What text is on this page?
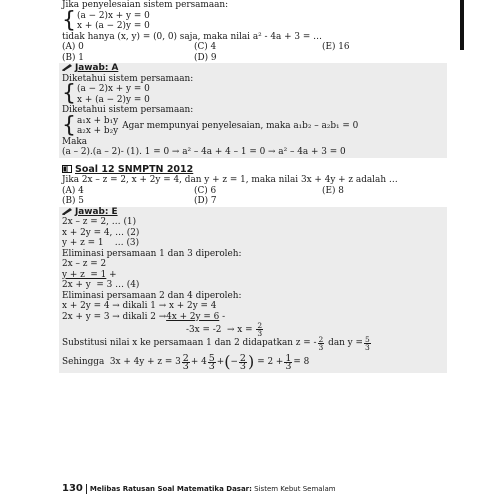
Jika penyelesaian sistem persamaan:
{ (a − 2)x + y = 0
x + (a − 2)y = 0
tidak hanya (x, y) = (0, 0) saja, maka nilai a² - 4a + 3 = …
(A) 0	(C) 4	(E) 16
(B) 1	(D) 9
Jawab: A
Diketahui sistem persamaan:
{ (a − 2)x + y = 0
x + (a − 2)y = 0
Diketahui sistem persamaan:
{ a₁x + b₁y
a₂x + b₂y
Agar mempunyai penyelesaian, maka a₁b₂ – a₂b₁ = 0
Maka
(a – 2).(a – 2)- (1). 1 = 0 → a² – 4a + 4 – 1 = 0 → a² – 4a + 3 = 0
Soal 12 SNMPTN 2012
Jika 2x – z = 2, x + 2y = 4, dan y + z = 1, maka nilai 3x + 4y + z adalah …
(A) 4	(C) 6	(E) 8
(B) 5	(D) 7
Jawab: E
2x – z = 2, … (1)
x + 2y = 4, … (2)
y + z = 1    … (3)
Eliminasi persamaan 1 dan 3 diperoleh:
2x – z = 2
y + z  = 1 +
2x + y  = 3 … (4)
Eliminasi persamaan 2 dan 4 diperoleh:
x + 2y = 4 → dikali 1 → x + 2y = 4
2x + y = 3 → dikali 2 →4x + 2y = 6 -
$-3x = -2 \to x = \frac{2}{3}$
Substitusi nilai x ke persamaan 1 dan 2 didapatkan z = - $\frac{2}{3}$ dan $y = \frac{5}{3}$
Sehingga  $3x + 4y + z = 3 \frac{2}{3} + 4 \frac{5}{3}$ + ( − $\frac{2}{3}$ ) = $2 + \frac{1}{3} = 8$
130 Melibas Ratusan Soal Matematika Dasar: Sistem Kebut Semalam
